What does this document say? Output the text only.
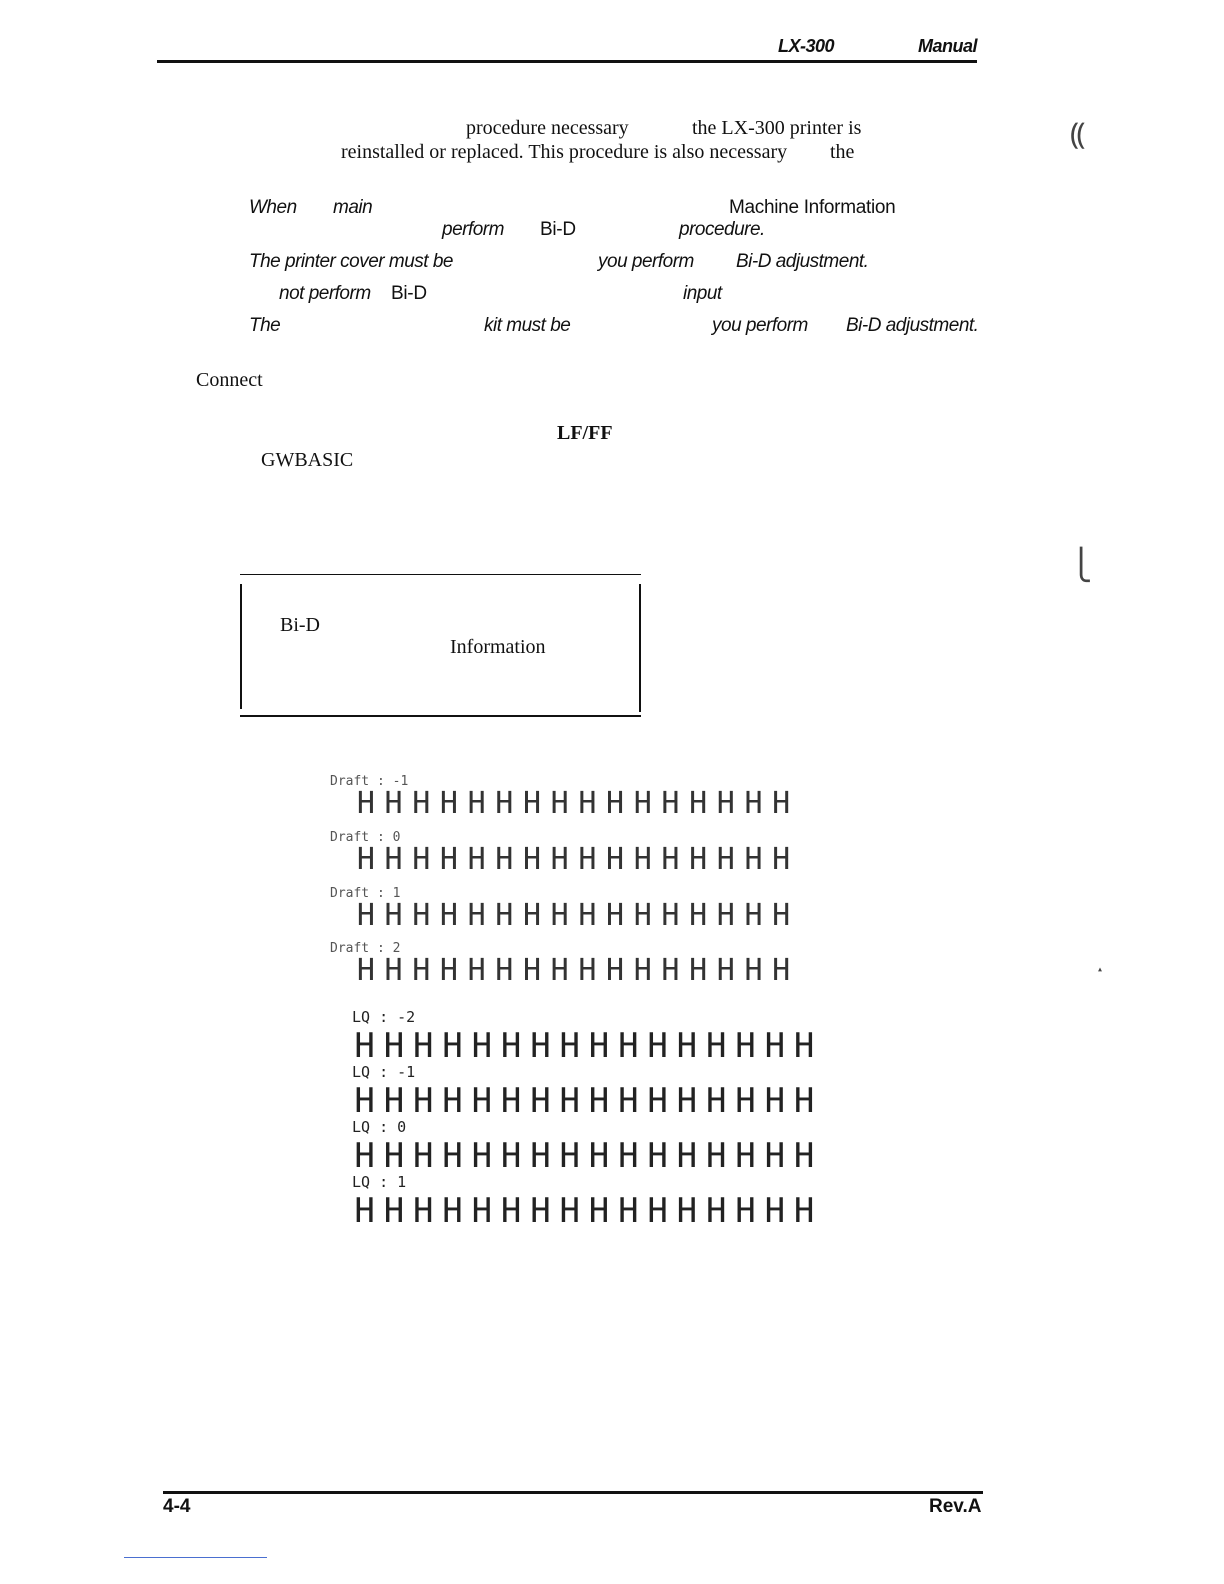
LX-300	Manual
⸨
⎩
▴
procedure necessary	the LX-300 printer is
reinstalled or replaced. This procedure is also necessary the
When main	Machine Information
perform Bi-D	procedure.
The printer cover must be	you perform Bi-D adjustment.
not perform Bi-D	input
The	kit must be	you perform Bi-D adjustment.
Connect
LF/FF
GWBASIC
Bi-D
Information
Draft : -1
H H H H H H H H H H H H H H H H
Draft : 0
H H H H H H H H H H H H H H H H
Draft : 1
H H H H H H H H H H H H H H H H
Draft : 2
H H H H H H H H H H H H H H H H
LQ : -2
H H H H H H H H H H H H H H H H
LQ : -1
H H H H H H H H H H H H H H H H
LQ : 0
H H H H H H H H H H H H H H H H
LQ : 1
H H H H H H H H H H H H H H H H
4-4	Rev.A
